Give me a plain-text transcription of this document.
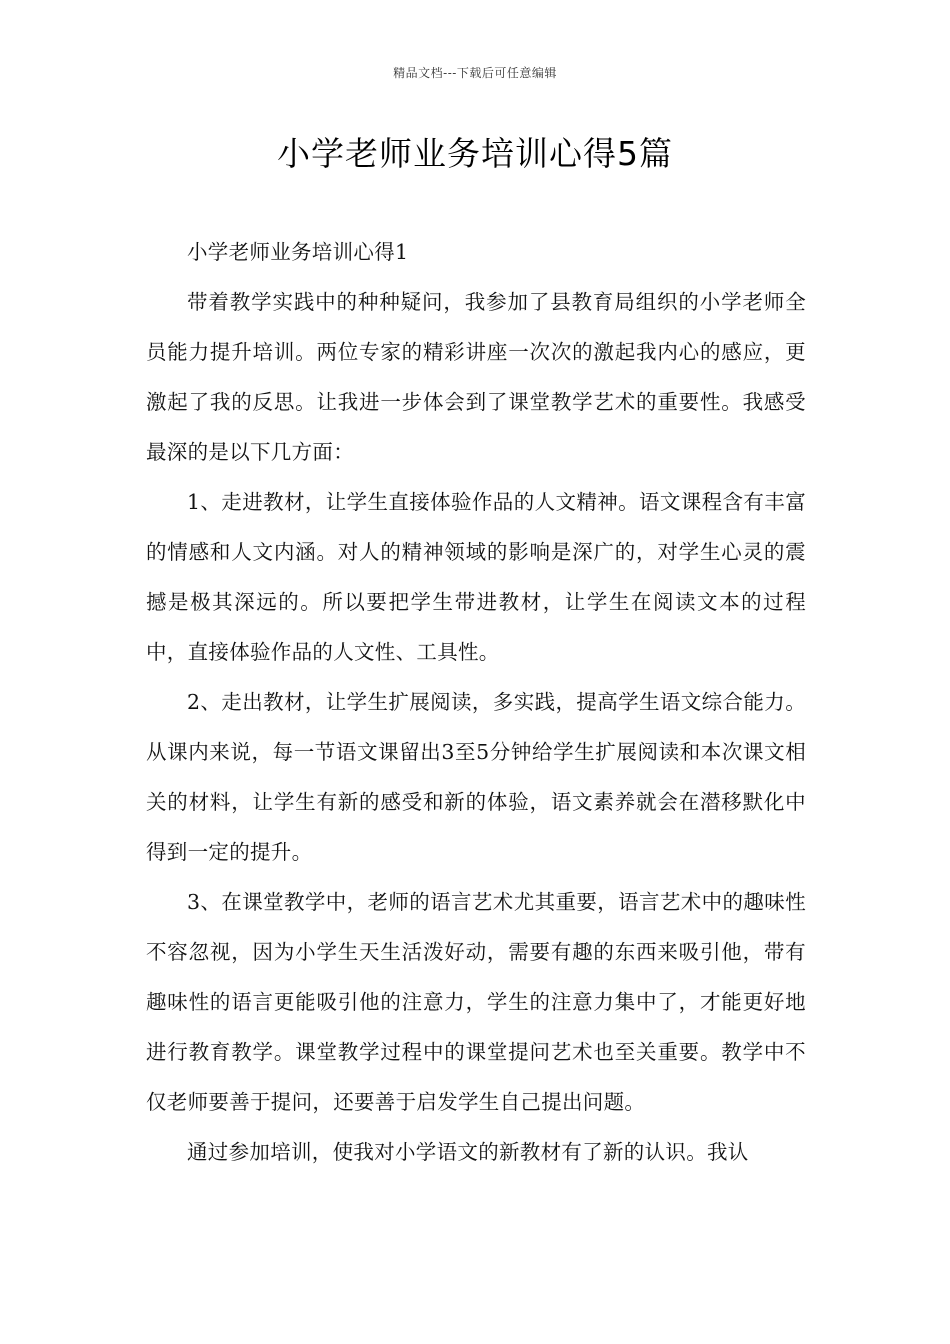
精品文档---下载后可任意编辑
小学老师业务培训心得5篇

小学老师业务培训心得1

带着教学实践中的种种疑问，我参加了县教育局组织的小学老师全员能力提升培训。两位专家的精彩讲座一次次的激起我内心的感应，更激起了我的反思。让我进一步体会到了课堂教学艺术的重要性。我感受最深的是以下几方面：

1、走进教材，让学生直接体验作品的人文精神。语文课程含有丰富的情感和人文内涵。对人的精神领域的影响是深广的，对学生心灵的震撼是极其深远的。所以要把学生带进教材，让学生在阅读文本的过程中，直接体验作品的人文性、工具性。

2、走出教材，让学生扩展阅读，多实践，提高学生语文综合能力。从课内来说，每一节语文课留出3至5分钟给学生扩展阅读和本次课文相关的材料，让学生有新的感受和新的体验，语文素养就会在潜移默化中得到一定的提升。

3、在课堂教学中，老师的语言艺术尤其重要，语言艺术中的趣味性不容忽视，因为小学生天生活泼好动，需要有趣的东西来吸引他，带有趣味性的语言更能吸引他的注意力，学生的注意力集中了，才能更好地进行教育教学。课堂教学过程中的课堂提问艺术也至关重要。教学中不仅老师要善于提问，还要善于启发学生自己提出问题。

通过参加培训，使我对小学语文的新教材有了新的认识。我认
